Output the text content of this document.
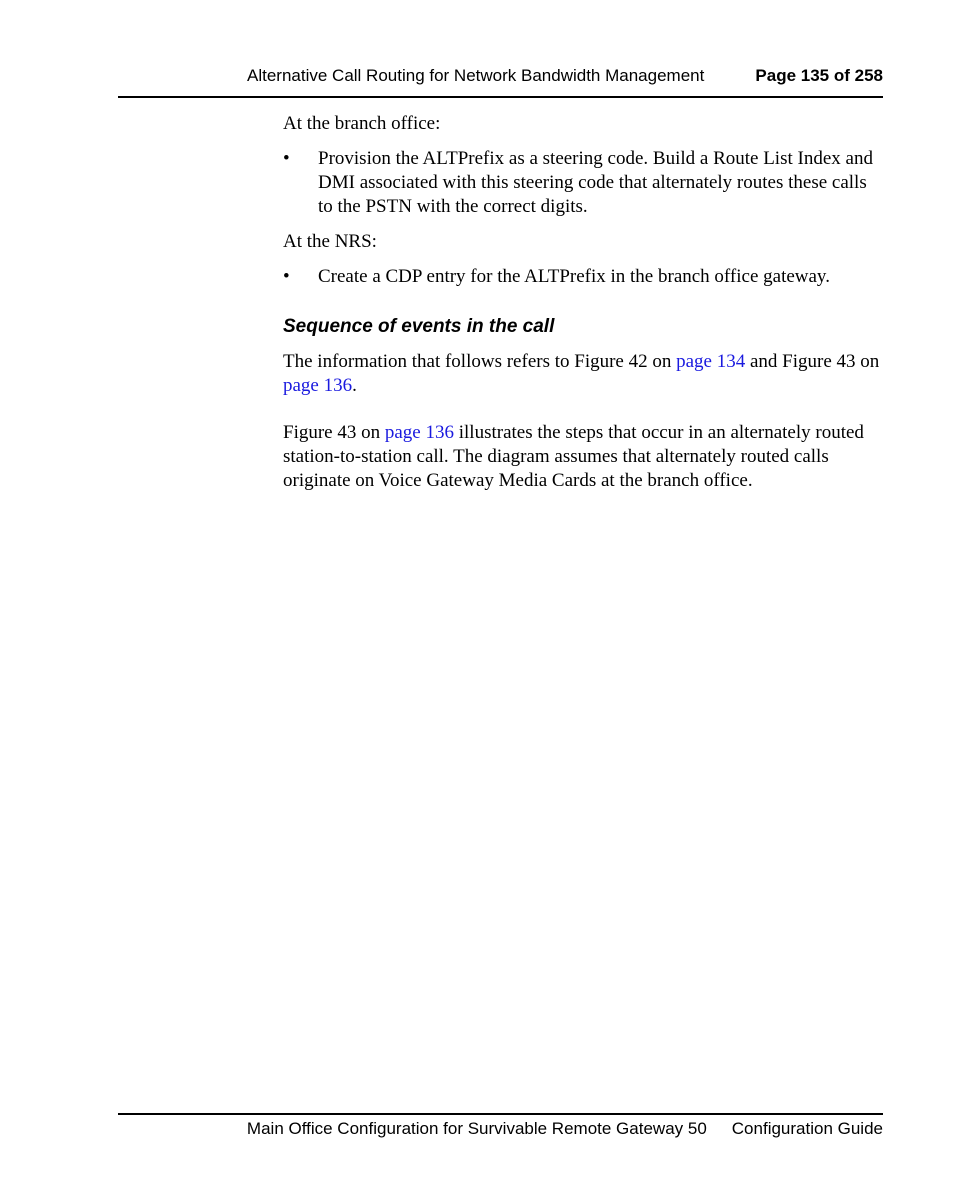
Alternative Call Routing for Network Bandwidth Management	Page 135 of 258

At the branch office:

• Provision the ALTPrefix as a steering code. Build a Route List Index and DMI associated with this steering code that alternately routes these calls to the PSTN with the correct digits.

At the NRS:

• Create a CDP entry for the ALTPrefix in the branch office gateway.
Sequence of events in the call

The information that follows refers to Figure 42 on page 134 and Figure 43 on page 136.

Figure 43 on page 136 illustrates the steps that occur in an alternately routed station-to-station call. The diagram assumes that alternately routed calls originate on Voice Gateway Media Cards at the branch office.

Main Office Configuration for Survivable Remote Gateway 50 Configuration Guide
